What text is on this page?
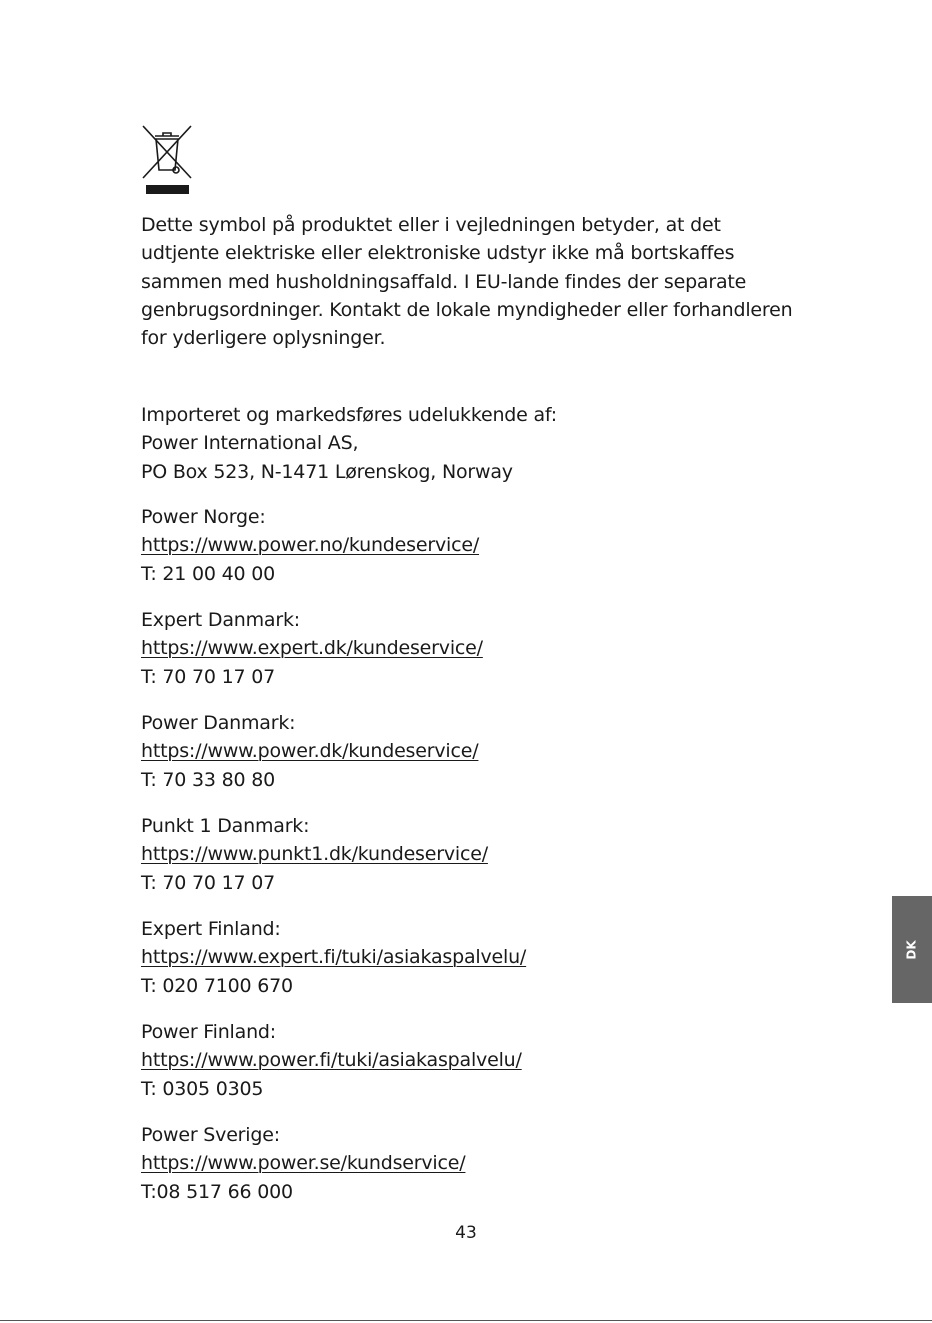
Dette symbol på produktet eller i vejledningen betyder, at det

udtjente elektriske eller elektroniske udstyr ikke må bortskaffes

sammen med husholdningsaffald. I EU-lande findes der separate

genbrugsordninger. Kontakt de lokale myndigheder eller forhandleren

for yderligere oplysninger.

Importeret og markedsføres udelukkende af:

Power International AS,

PO Box 523, N-1471 Lørenskog, Norway

Power Norge:

https://www.power.no/kundeservice/

T: 21 00 40 00

Expert Danmark:

https://www.expert.dk/kundeservice/

T: 70 70 17 07

Power Danmark:

https://www.power.dk/kundeservice/

T: 70 33 80 80

Punkt 1 Danmark:

https://www.punkt1.dk/kundeservice/

T: 70 70 17 07

Expert Finland:

https://www.expert.fi/tuki/asiakaspalvelu/

T: 020 7100 670

Power Finland:

https://www.power.fi/tuki/asiakaspalvelu/

T: 0305 0305

Power Sverige:

https://www.power.se/kundservice/

T:08 517 66 000

DK
43
